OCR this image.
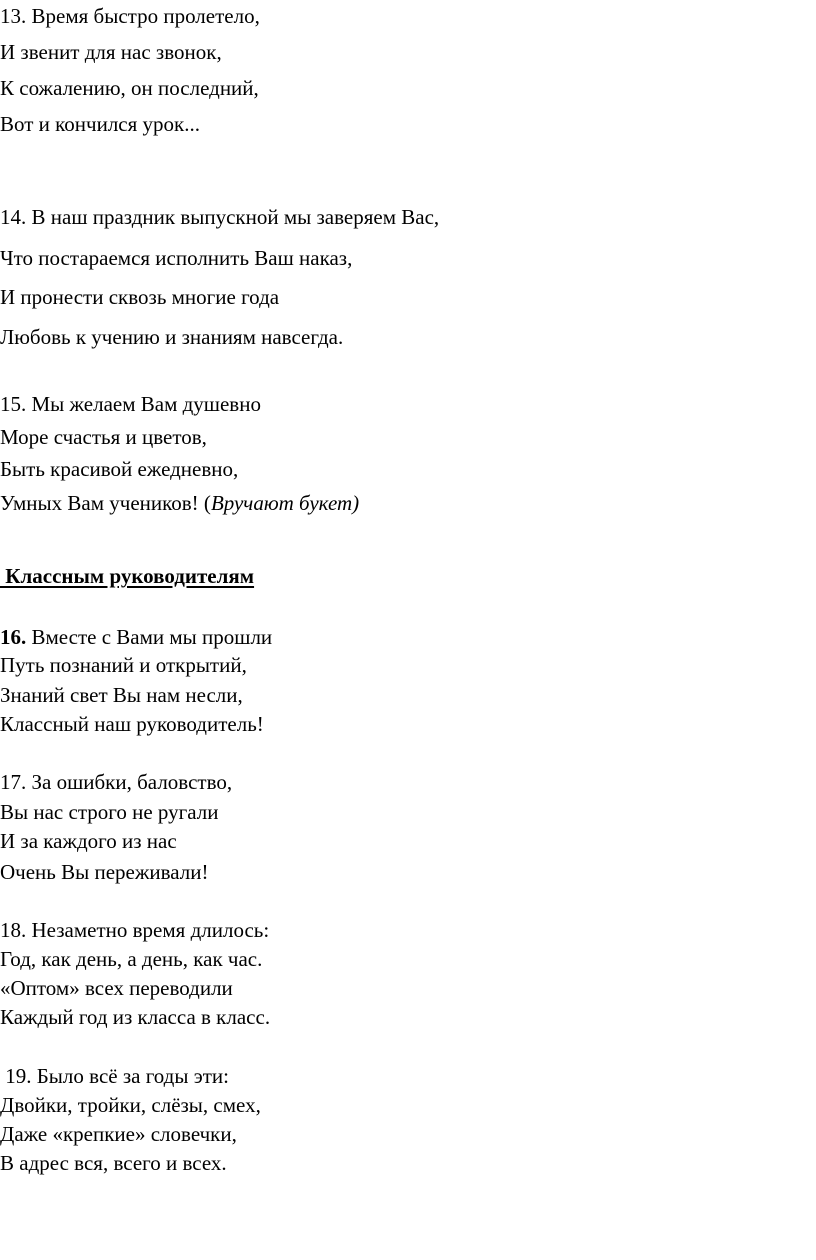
13. Время быстро пролетело,
И звенит для нас звонок,
К сожалению, он последний,
Вот и кончился урок...
14. В наш праздник выпускной мы заверяем Вас,
Что постараемся исполнить Ваш наказ,
И пронести сквозь многие года
Любовь к учению и знаниям навсегда.
15. Мы желаем Вам душевно
Море счастья и цветов,
Быть красивой ежедневно,
Умных Вам учеников! (Вручают букет)
Классным руководителям
16. Вместе с Вами мы прошли
Путь познаний и открытий,
Знаний свет Вы нам несли,
Классный наш руководитель!
17. За ошибки, баловство,
Вы нас строго не ругали
И за каждого из нас
Очень Вы переживали!
18. Незаметно время длилось:
Год, как день, а день, как час.
«Оптом» всех переводили
Каждый год из класса в класс.
19. Было всё за годы эти:
Двойки, тройки, слёзы, смех,
Даже «крепкие» словечки,
В адрес вся, всего и всех.
